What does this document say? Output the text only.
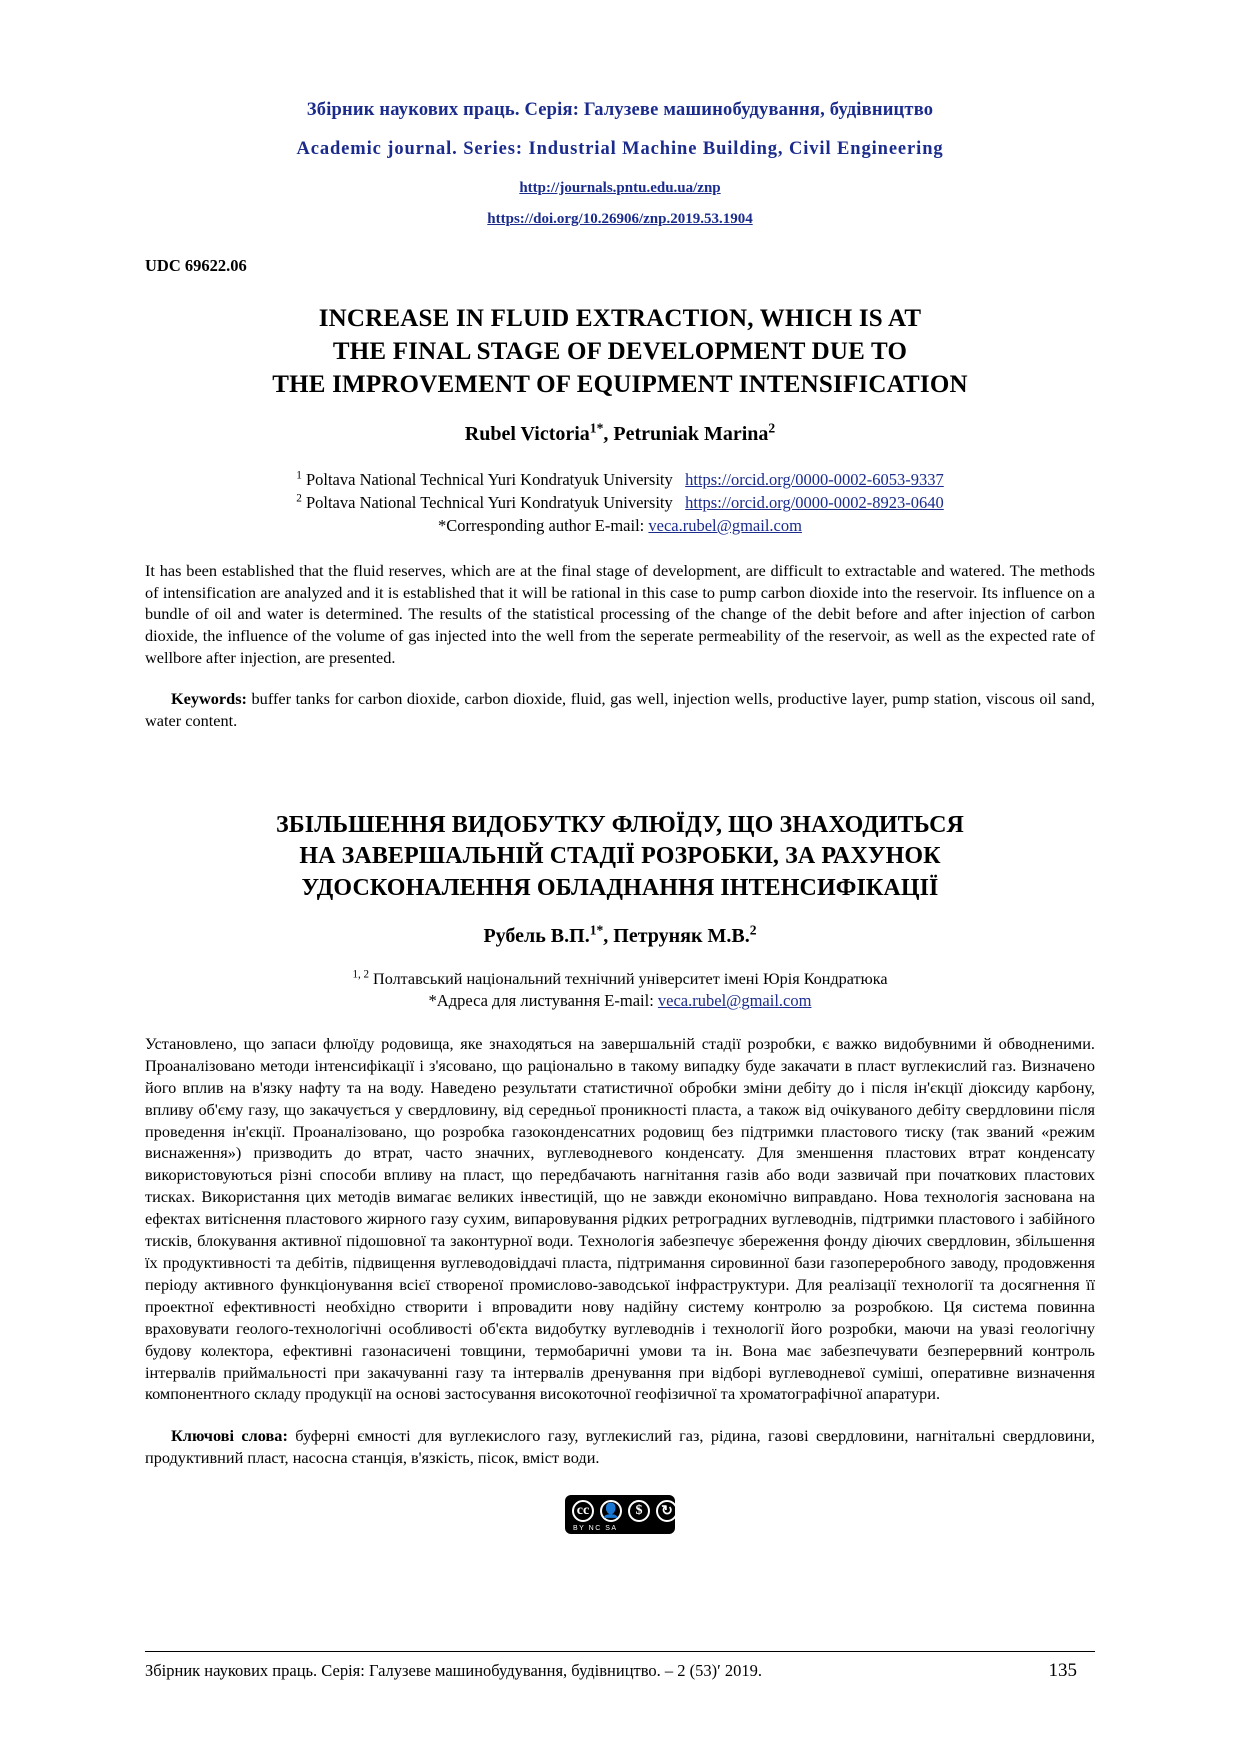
Збірник наукових праць. Серія: Галузеве машинобудування, будівництво
Academic journal. Series: Industrial Machine Building, Civil Engineering
http://journals.pntu.edu.ua/znp
https://doi.org/10.26906/znp.2019.53.1904
UDC 69622.06
INCREASE IN FLUID EXTRACTION, WHICH IS AT
THE FINAL STAGE OF DEVELOPMENT DUE TO
THE IMPROVEMENT OF EQUIPMENT INTENSIFICATION
Rubel Victoria$^{1*}$, Petruniak Marina$^2$
$^1$ Poltava National Technical Yuri Kondratyuk University https://orcid.org/0000-0002-6053-9337
$^2$ Poltava National Technical Yuri Kondratyuk University https://orcid.org/0000-0002-8923-0640
*Corresponding author E-mail: veca.rubel@gmail.com
It has been established that the fluid reserves, which are at the final stage of development, are difficult to extractable and watered. The methods of intensification are analyzed and it is established that it will be rational in this case to pump carbon dioxide into the reservoir. Its influence on a bundle of oil and water is determined. The results of the statistical processing of the change of the debit before and after injection of carbon dioxide, the influence of the volume of gas injected into the well from the seperate permeability of the reservoir, as well as the expected rate of wellbore after injection, are presented.
Keywords: buffer tanks for carbon dioxide, carbon dioxide, fluid, gas well, injection wells, productive layer, pump station, viscous oil sand, water content.
ЗБІЛЬШЕННЯ ВИДОБУТКУ ФЛЮЇДУ, ЩО ЗНАХОДИТЬСЯ
НА ЗАВЕРШАЛЬНІЙ СТАДІЇ РОЗРОБКИ, ЗА РАХУНОК
УДОСКОНАЛЕННЯ ОБЛАДНАННЯ ІНТЕНСИФІКАЦІЇ
Рубель В.П.$^{1*}$, Петруняк М.В.$^2$
$^{1, 2}$ Полтавський національний технічний університет імені Юрія Кондратюка
*Адреса для листування E-mail: veca.rubel@gmail.com
Установлено, що запаси флюїду родовища, яке знаходяться на завершальній стадії розробки, є важко видобувними й обводненими. Проаналізовано методи інтенсифікації і з'ясовано, що раціонально в такому випадку буде закачати в пласт вуглекислий газ. Визначено його вплив на в'язку нафту та на воду. Наведено результати статистичної обробки зміни дебіту до і після ін'єкції діоксиду карбону, впливу об'єму газу, що закачується у свердловину, від середньої проникності пласта, а також від очікуваного дебіту свердловини після проведення ін'єкції. Проаналізовано, що розробка газоконденсатних родовищ без підтримки пластового тиску (так званий «режим виснаження») призводить до втрат, часто значних, вуглеводневого конденсату. Для зменшення пластових втрат конденсату використовуються різні способи впливу на пласт, що передбачають нагнітання газів або води зазвичай при початкових пластових тисках. Використання цих методів вимагає великих інвестицій, що не завжди економічно виправдано. Нова технологія заснована на ефектах витіснення пластового жирного газу сухим, випаровування рідких ретроградних вуглеводнів, підтримки пластового і забійного тисків, блокування активної підошовної та законтурної води. Технологія забезпечує збереження фонду діючих свердловин, збільшення їх продуктивності та дебітів, підвищення вуглеводовіддачі пласта, підтримання сировинної бази газопереробного заводу, продовження періоду активного функціонування всієї створеної промислово-заводської інфраструктури. Для реалізації технології та досягнення її проектної ефективності необхідно створити і впровадити нову надійну систему контролю за розробкою. Ця система повинна враховувати геолого-технологічні особливості об'єкта видобутку вуглеводнів і технології його розробки, маючи на увазі геологічну будову колектора, ефективні газонасичені товщини, термобаричні умови та ін. Вона має забезпечувати безперервний контроль інтервалів приймальності при закачуванні газу та інтервалів дренування при відборі вуглеводневої суміші, оперативне визначення компонентного складу продукції на основі застосування високоточної геофізичної та хроматографічної апаратури.
Ключові слова: буферні ємності для вуглекислого газу, вуглекислий газ, рідина, газові свердловини, нагнітальні свердловини, продуктивний пласт, насосна станція, в'язкість, пісок, вміст води.
cc 👤	$	↻
BY NC SA
Збірник наукових праць. Серія: Галузеве машинобудування, будівництво. – 2 (53)′ 2019.	135
